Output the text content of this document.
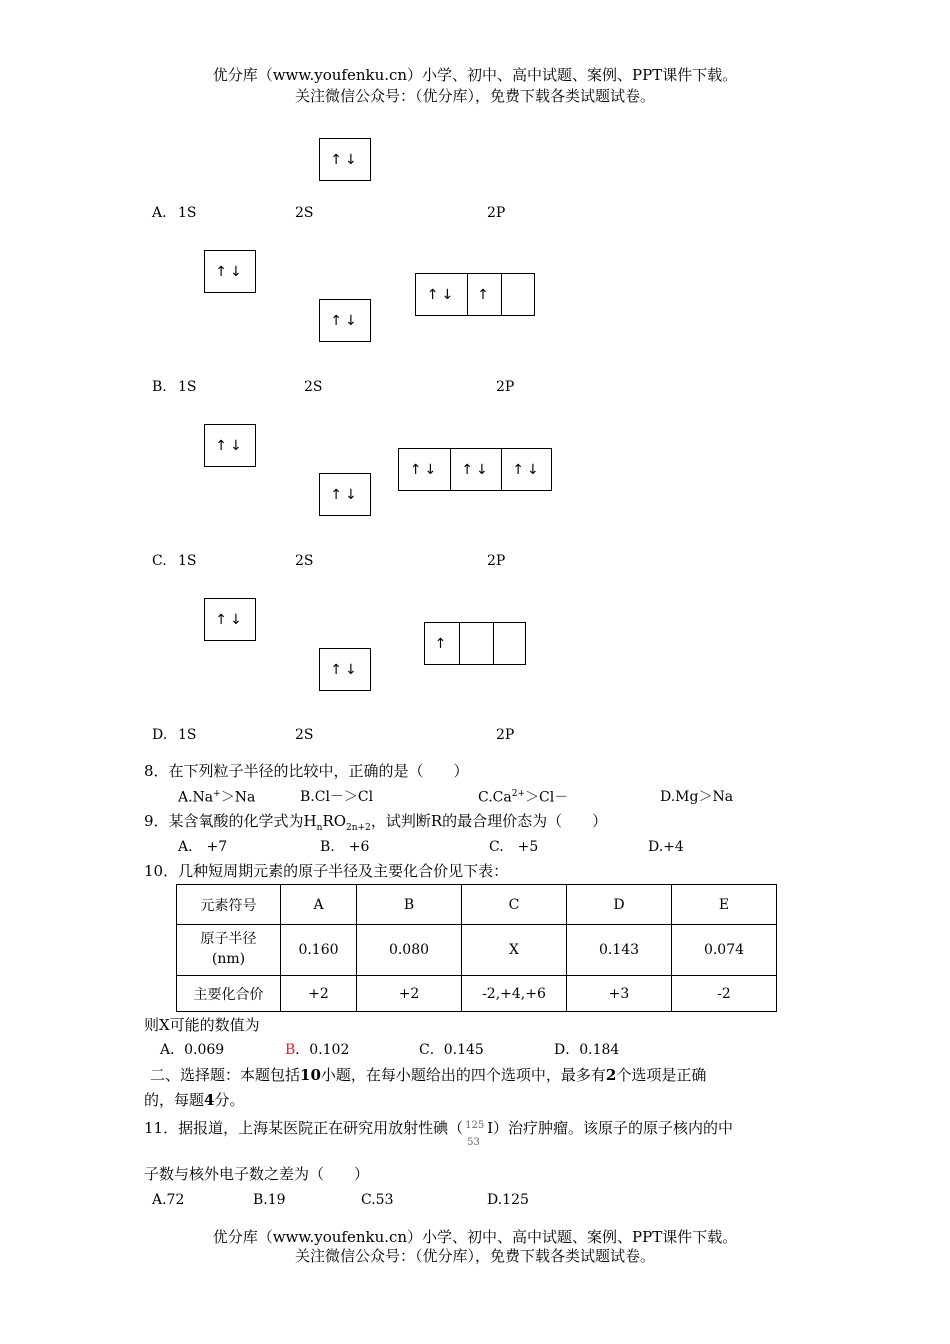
优分库（www.youfenku.cn）小学、初中、高中试题、案例、PPT课件下载。
关注微信公众号：（优分库），免费下载各类试题试卷。
↑↓
A. 1S	2S	2P
↑↓
↑↓	↑
↑↓
B. 1S	2S	2P
↑↓
↑↓	↑↓	↑↓
↑↓
C. 1S	2S	2P
↑↓
↑
↑↓
D. 1S	2S	2P
8．在下列粒子半径的比较中，正确的是（　　）
A.Na+＞Na	B.Cl－＞Cl	$C.Ca^{2+}>Cl-$	D.Mg＞Na
9．某含氧酸的化学式为$H_nRO_{2n+2}$，试判断R的最合理价态为（　　）
A.　+7	B.　+6	C.　+5	D.+4
10．几种短周期元素的原子半径及主要化合价见下表：
元素符号	A	B	C	D	E

原子半径
(nm)	0.160	0.080	X	0.143	0.074
主要化合价	+2	+2	-2,+4,+6	+3	-2
则X可能的数值为
A．0.069	B．0.102	C．0.145	D．0.184
二、选择题：本题包括10小题，在每小题给出的四个选项中，最多有2个选项是正确
的，每题4分。
11．据报道，上海某医院正在研究用放射性碘（ 125
53
I）治疗肿瘤。该原子的原子核内的中
子数与核外电子数之差为（　　）
A.72	B.19	C.53	D.125
优分库（www.youfenku.cn）小学、初中、高中试题、案例、PPT课件下载。
关注微信公众号：（优分库），免费下载各类试题试卷。
